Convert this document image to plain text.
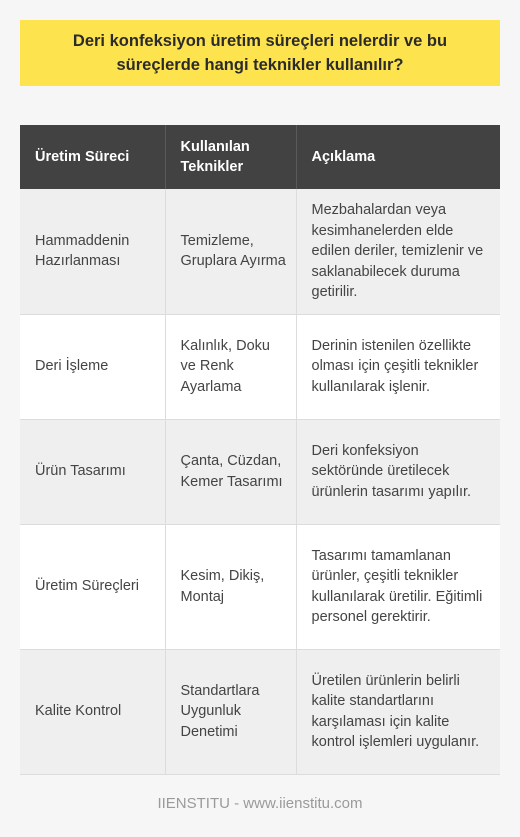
Deri konfeksiyon üretim süreçleri nelerdir ve bu süreçlerde hangi teknikler kullanılır?
Üretim Süreci	Kullanılan Teknikler	Açıklama
Hammaddenin Hazırlanması	Temizleme, Gruplara Ayırma	Mezbahalardan veya kesimhanelerden elde edilen deriler, temizlenir ve saklanabilecek duruma getirilir.
Deri İşleme	Kalınlık, Doku ve Renk Ayarlama	Derinin istenilen özellikte olması için çeşitli teknikler kullanılarak işlenir.
Ürün Tasarımı	Çanta, Cüzdan, Kemer Tasarımı	Deri konfeksiyon sektöründe üretilecek ürünlerin tasarımı yapılır.
Üretim Süreçleri	Kesim, Dikiş, Montaj	Tasarımı tamamlanan ürünler, çeşitli teknikler kullanılarak üretilir. Eğitimli personel gerektirir.
Kalite Kontrol	Standartlara Uygunluk Denetimi	Üretilen ürünlerin belirli kalite standartlarını karşılaması için kalite kontrol işlemleri uygulanır.
IIENSTITU - www.iienstitu.com
